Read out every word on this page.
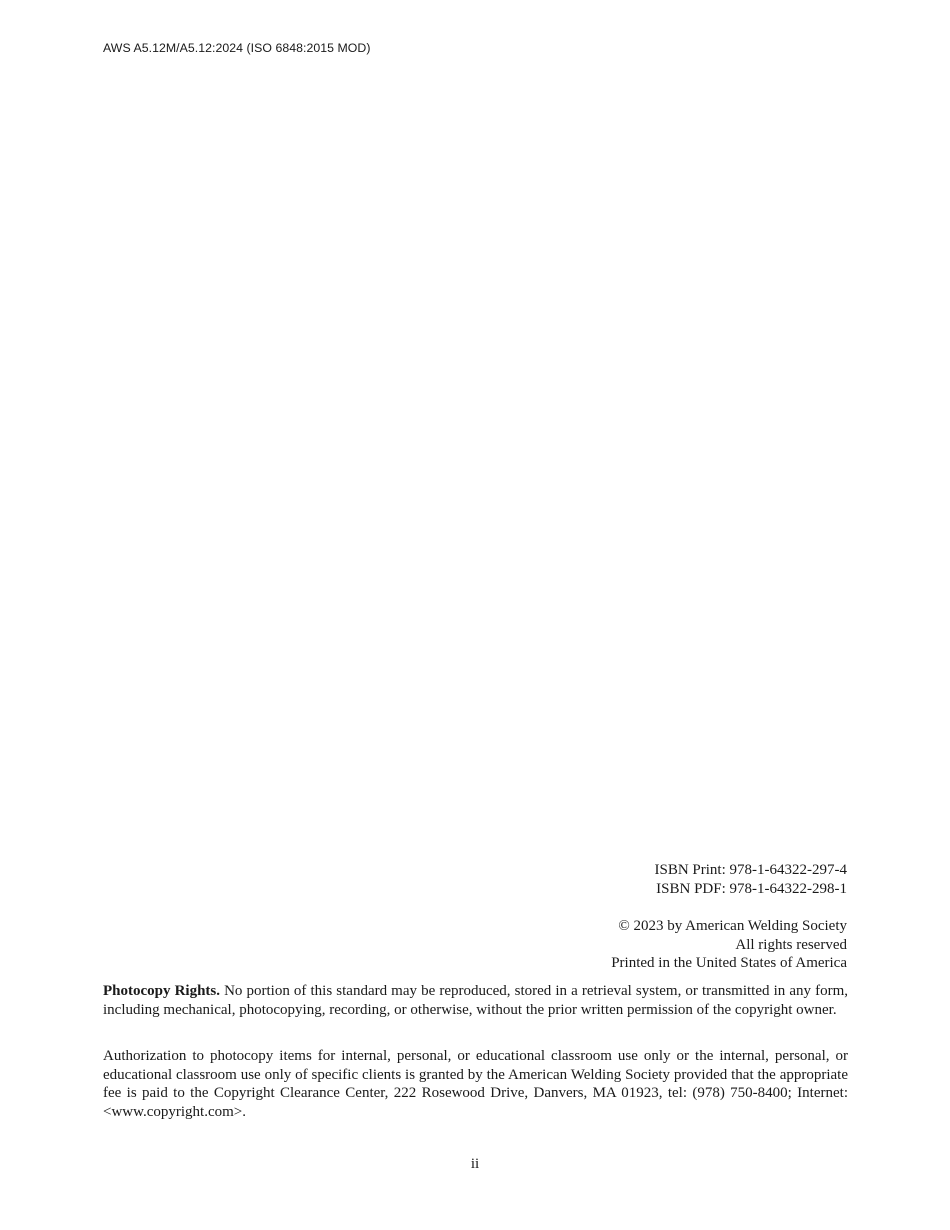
AWS A5.12M/A5.12:2024 (ISO 6848:2015 MOD)
ISBN Print: 978-1-64322-297-4
ISBN PDF: 978-1-64322-298-1
© 2023 by American Welding Society
All rights reserved
Printed in the United States of America

Photocopy Rights. No portion of this standard may be reproduced, stored in a retrieval system, or transmitted in any form, including mechanical, photocopying, recording, or otherwise, without the prior written permission of the copyright owner.

Authorization to photocopy items for internal, personal, or educational classroom use only or the internal, personal, or educational classroom use only of specific clients is granted by the American Welding Society provided that the appropriate fee is paid to the Copyright Clearance Center, 222 Rosewood Drive, Danvers, MA 01923, tel: (978) 750-8400; Internet: <www.copyright.com>.

ii
